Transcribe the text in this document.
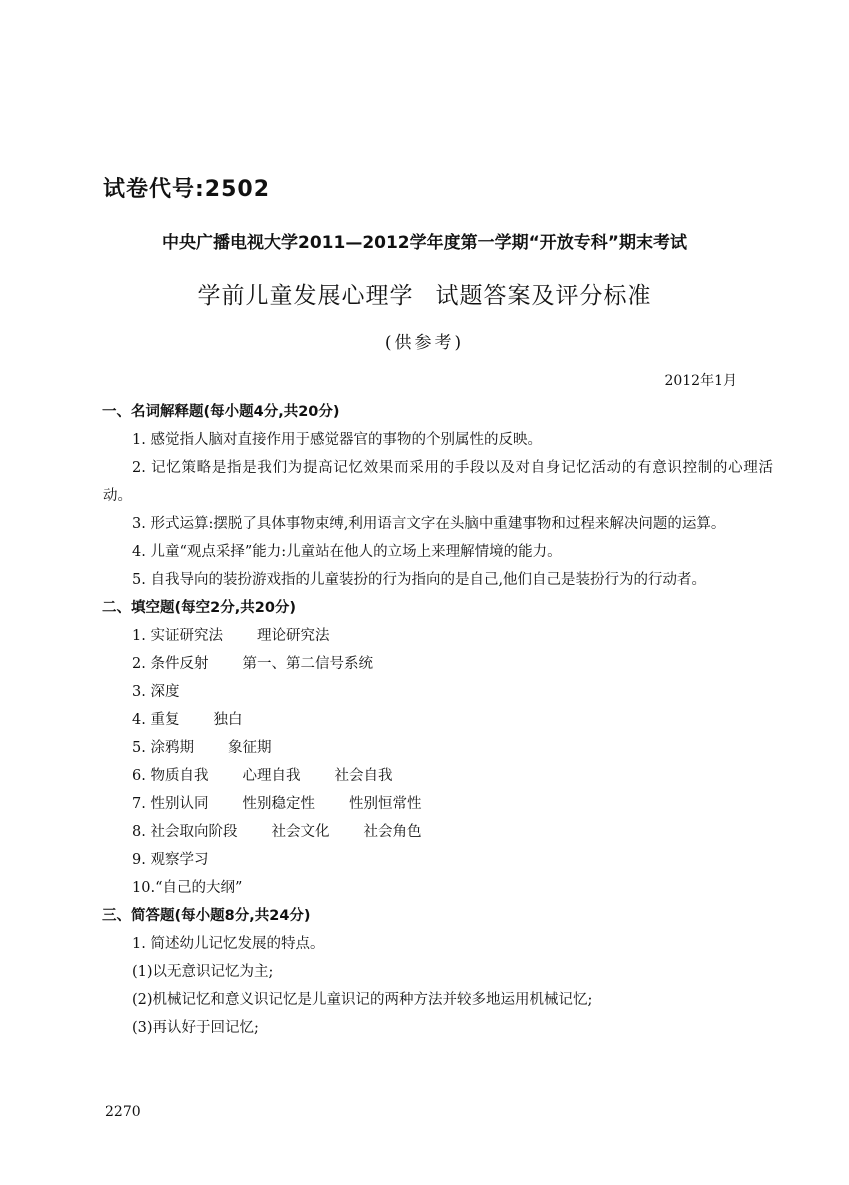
试卷代号:2502
中央广播电视大学2011—2012学年度第一学期“开放专科”期末考试
学前儿童发展心理学 试题答案及评分标准
(供参考)
2012年1月
一、名词解释题(每小题4分,共20分)
1. 感觉指人脑对直接作用于感觉器官的事物的个别属性的反映。
2. 记忆策略是指是我们为提高记忆效果而采用的手段以及对自身记忆活动的有意识控制的心理活动。
3. 形式运算:摆脱了具体事物束缚,利用语言文字在头脑中重建事物和过程来解决问题的运算。
4. 儿童“观点采择”能力:儿童站在他人的立场上来理解情境的能力。
5. 自我导向的装扮游戏指的儿童装扮的行为指向的是自己,他们自己是装扮行为的行动者。
二、填空题(每空2分,共20分)
1. 实证研究法 理论研究法
2. 条件反射 第一、第二信号系统
3. 深度
4. 重复 独白
5. 涂鸦期 象征期
6. 物质自我 心理自我 社会自我
7. 性别认同 性别稳定性 性别恒常性
8. 社会取向阶段 社会文化 社会角色
9. 观察学习
10.“自己的大纲”
三、简答题(每小题8分,共24分)
1. 简述幼儿记忆发展的特点。
(1)以无意识记忆为主;
(2)机械记忆和意义识记忆是儿童识记的两种方法并较多地运用机械记忆;
(3)再认好于回记忆;
2270
